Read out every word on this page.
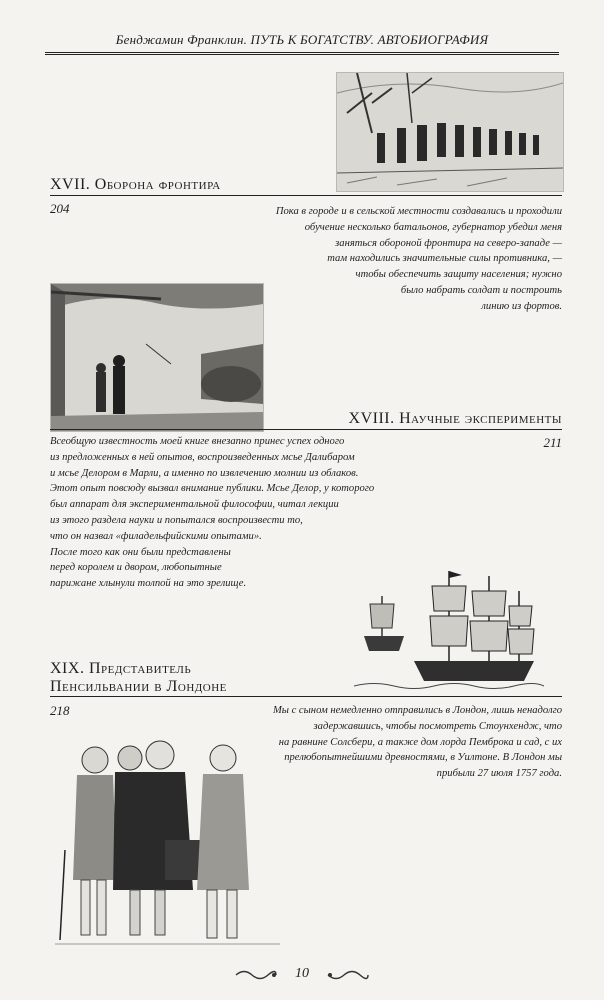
Бенджамин Франклин. ПУТЬ К БОГАТСТВУ. АВТОБИОГРАФИЯ
XVII. Оборона фронтира
204	Пока в городе и в сельской местности создавались и проходили
обучение несколько батальонов, губернатор убедил меня
заняться обороной фронтира на северо-западе —
там находились значительные силы противника, —
чтобы обеспечить защиту населения; нужно
было набрать солдат и построить
линию из фортов.
XVIII. Научные эксперименты
211
Всеобщую известность моей книге внезапно принес успех одного
из предложенных в ней опытов, воспроизведенных мсье Далибаром
и мсье Делором в Марли, а именно по извлечению молнии из облаков.
Этот опыт повсюду вызвал внимание публики. Мсье Делор, у которого
был аппарат для экспериментальной философии, читал лекции
из этого раздела науки и попытался воспроизвести то,
что он назвал «филадельфийскими опытами».
После того как они были представлены
перед королем и двором, любопытные
парижане хлынули толпой на это зрелище.
XIX. Представитель
Пенсильвании в Лондоне
218	Мы с сыном немедленно отправились в Лондон, лишь ненадолго
задержавшись, чтобы посмотреть Стоунхендж, что
на равнине Солсбери, а также дом лорда Пемброка и сад, с их
прелюбопытнейшими древностями, в Уилтоне. В Лондон мы
прибыли 27 июля 1757 года.
10
